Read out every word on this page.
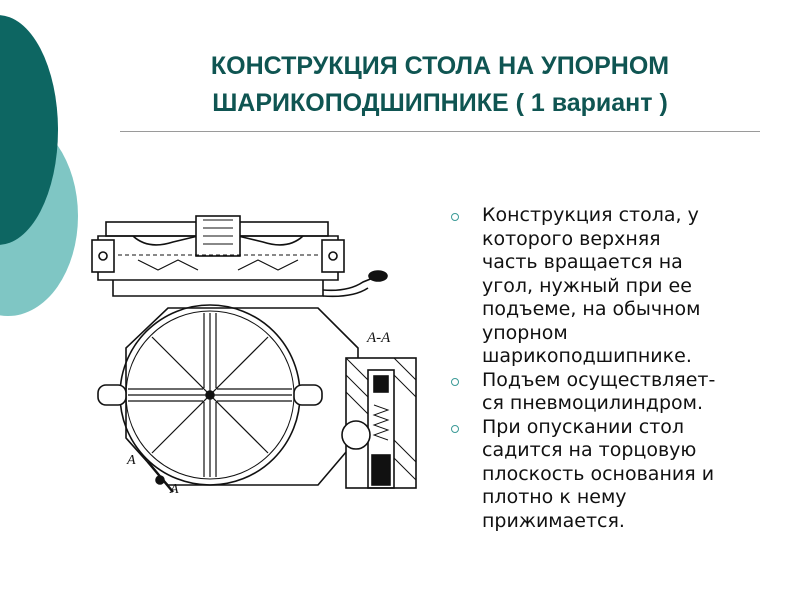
КОНСТРУКЦИЯ СТОЛА НА УПОРНОМ
ШАРИКОПОДШИПНИКЕ ( 1 вариант )
A-A
A
A
Конструкция стола, у
которого верхняя
часть вращается на
угол, нужный при ее
подъеме, на обычном
упорном
шарикоподшипнике.
Подъем осуществляет-
ся пневмоцилиндром.
При опускании стол
садится на торцовую
плоскость основания и
плотно к нему
прижимается.
